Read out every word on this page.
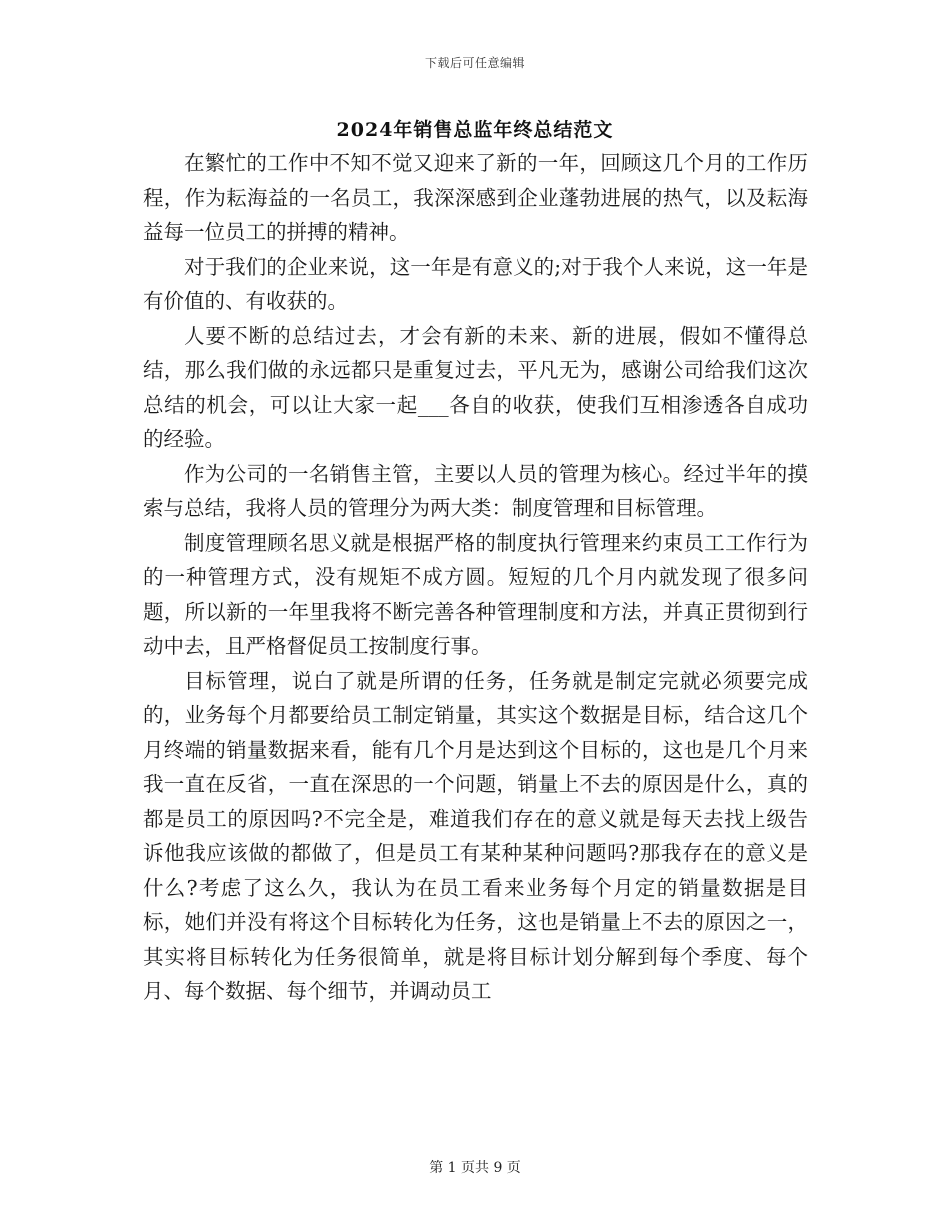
下载后可任意编辑
2024年销售总监年终总结范文

在繁忙的工作中不知不觉又迎来了新的一年，回顾这几个月的工作历程，作为耘海益的一名员工，我深深感到企业蓬勃进展的热气，以及耘海益每一位员工的拼搏的精神。

对于我们的企业来说，这一年是有意义的;对于我个人来说，这一年是有价值的、有收获的。

人要不断的总结过去，才会有新的未来、新的进展，假如不懂得总结，那么我们做的永远都只是重复过去，平凡无为，感谢公司给我们这次总结的机会，可以让大家一起___各自的收获，使我们互相渗透各自成功的经验。

作为公司的一名销售主管，主要以人员的管理为核心。经过半年的摸索与总结，我将人员的管理分为两大类：制度管理和目标管理。

制度管理顾名思义就是根据严格的制度执行管理来约束员工工作行为的一种管理方式，没有规矩不成方圆。短短的几个月内就发现了很多问题，所以新的一年里我将不断完善各种管理制度和方法，并真正贯彻到行动中去，且严格督促员工按制度行事。

目标管理，说白了就是所谓的任务，任务就是制定完就必须要完成的，业务每个月都要给员工制定销量，其实这个数据是目标，结合这几个月终端的销量数据来看，能有几个月是达到这个目标的，这也是几个月来我一直在反省，一直在深思的一个问题，销量上不去的原因是什么，真的都是员工的原因吗?不完全是，难道我们存在的意义就是每天去找上级告诉他我应该做的都做了，但是员工有某种某种问题吗?那我存在的意义是什么?考虑了这么久，我认为在员工看来业务每个月定的销量数据是目标，她们并没有将这个目标转化为任务，这也是销量上不去的原因之一，其实将目标转化为任务很简单，就是将目标计划分解到每个季度、每个月、每个数据、每个细节，并调动员工

第 1 页共 9 页
